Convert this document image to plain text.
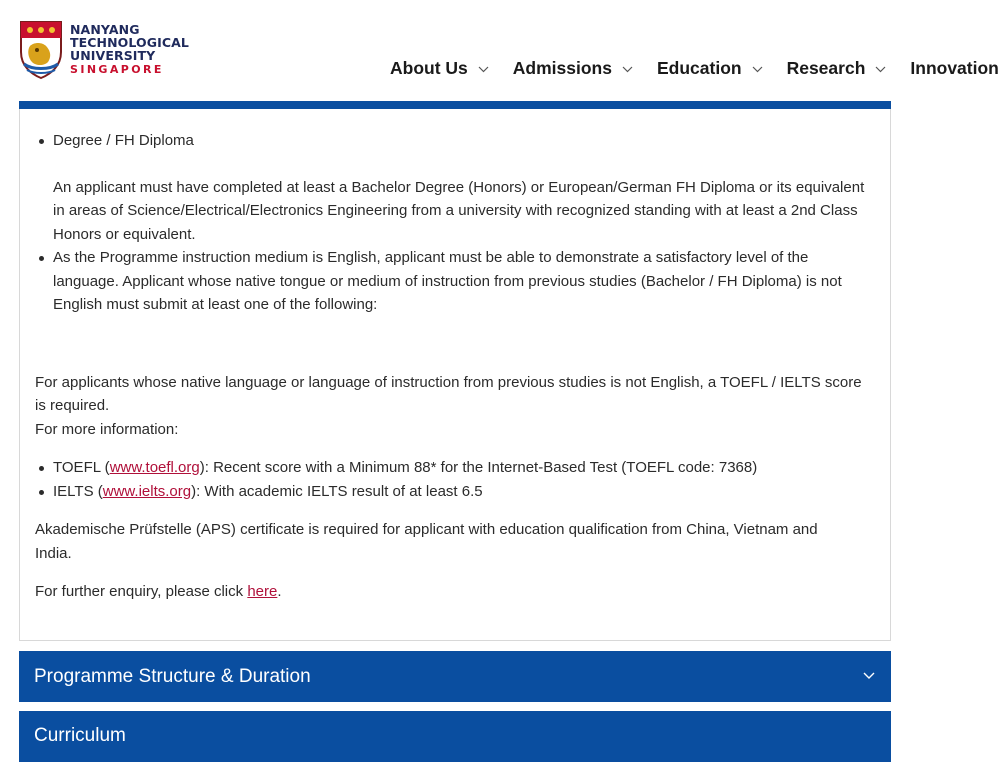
NANYANG
TECHNOLOGICAL
UNIVERSITY
SINGAPORE	About Us	Admissions	Education	Research	Innovation

Degree / FH Diploma

An applicant must have completed at least a Bachelor Degree (Honors) or European/German FH Diploma or its equivalent in areas of Science/Electrical/Electronics Engineering from a university with recognized standing with at least a 2nd Class Honors or equivalent.

As the Programme instruction medium is English, applicant must be able to demonstrate a satisfactory level of the language. Applicant whose native tongue or medium of instruction from previous studies (Bachelor / FH Diploma) is not English must submit at least one of the following:

For applicants whose native language or language of instruction from previous studies is not English, a TOEFL / IELTS score is required.

For more information:

TOEFL (www.toefl.org): Recent score with a Minimum 88* for the Internet-Based Test (TOEFL code: 7368)
IELTS (www.ielts.org): With academic IELTS result of at least 6.5

Akademische Prüfstelle (APS) certificate is required for applicant with education qualification from China, Vietnam and India.

For further enquiry, please click here.

Programme Structure & Duration
Curriculum
